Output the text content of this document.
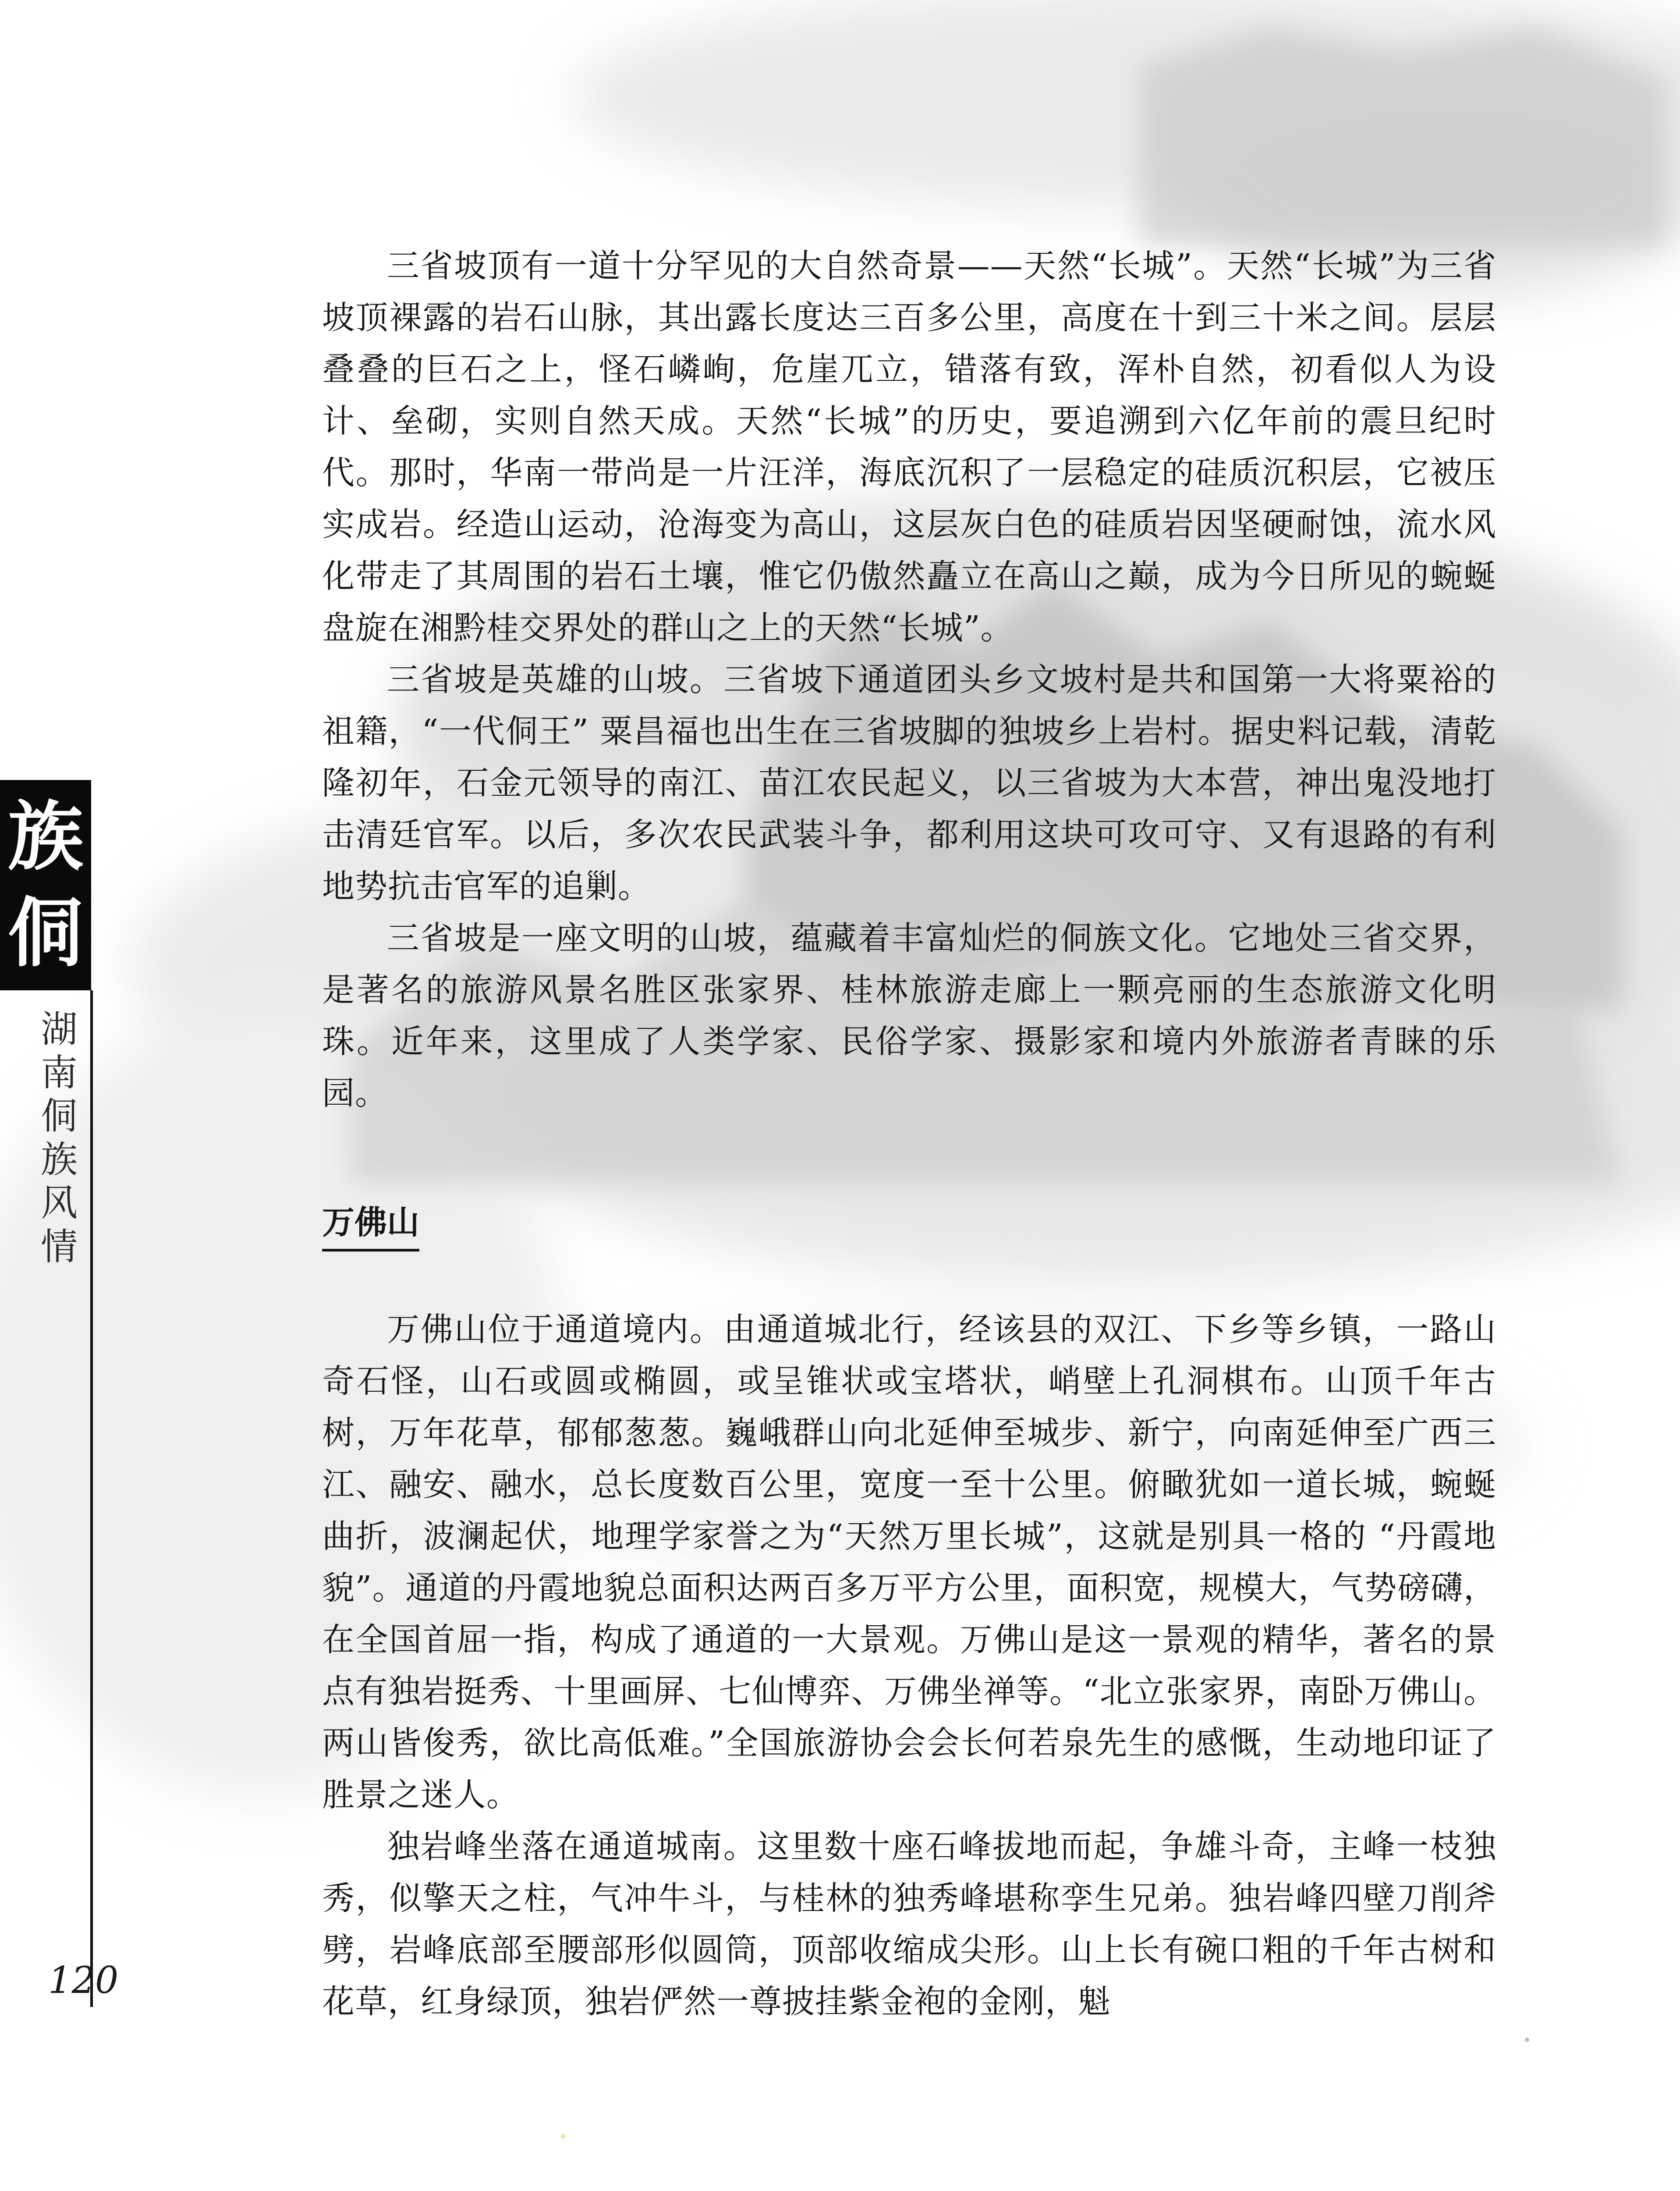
族
侗
湖
南
侗
族
风
情
120

三省坡顶有一道十分罕见的大自然奇景——天然“长城”。天然“长城”为三省坡顶裸露的岩石山脉，其出露长度达三百多公里，高度在十到三十米之间。层层叠叠的巨石之上，怪石嶙峋，危崖兀立，错落有致，浑朴自然，初看似人为设计、垒砌，实则自然天成。天然“长城”的历史，要追溯到六亿年前的震旦纪时代。那时，华南一带尚是一片汪洋，海底沉积了一层稳定的硅质沉积层，它被压实成岩。经造山运动，沧海变为高山，这层灰白色的硅质岩因坚硬耐蚀，流水风化带走了其周围的岩石土壤，惟它仍傲然矗立在高山之巅，成为今日所见的蜿蜒盘旋在湘黔桂交界处的群山之上的天然“长城”。

三省坡是英雄的山坡。三省坡下通道团头乡文坡村是共和国第一大将粟裕的祖籍，“一代侗王” 粟昌福也出生在三省坡脚的独坡乡上岩村。据史料记载，清乾隆初年，石金元领导的南江、苗江农民起义，以三省坡为大本营，神出鬼没地打击清廷官军。以后，多次农民武装斗争，都利用这块可攻可守、又有退路的有利地势抗击官军的追剿。

三省坡是一座文明的山坡，蕴藏着丰富灿烂的侗族文化。它地处三省交界，是著名的旅游风景名胜区张家界、桂林旅游走廊上一颗亮丽的生态旅游文化明珠。近年来，这里成了人类学家、民俗学家、摄影家和境内外旅游者青睐的乐园。

万佛山

万佛山位于通道境内。由通道城北行，经该县的双江、下乡等乡镇，一路山奇石怪，山石或圆或椭圆，或呈锥状或宝塔状，峭壁上孔洞棋布。山顶千年古树，万年花草，郁郁葱葱。巍峨群山向北延伸至城步、新宁，向南延伸至广西三江、融安、融水，总长度数百公里，宽度一至十公里。俯瞰犹如一道长城，蜿蜒曲折，波澜起伏，地理学家誉之为“天然万里长城”，这就是别具一格的 “丹霞地貌”。通道的丹霞地貌总面积达两百多万平方公里，面积宽，规模大，气势磅礴，在全国首屈一指，构成了通道的一大景观。万佛山是这一景观的精华，著名的景点有独岩挺秀、十里画屏、七仙博弈、万佛坐禅等。“北立张家界，南卧万佛山。两山皆俊秀，欲比高低难。”全国旅游协会会长何若泉先生的感慨，生动地印证了胜景之迷人。

独岩峰坐落在通道城南。这里数十座石峰拔地而起，争雄斗奇，主峰一枝独秀，似擎天之柱，气冲牛斗，与桂林的独秀峰堪称孪生兄弟。独岩峰四壁刀削斧劈，岩峰底部至腰部形似圆筒，顶部收缩成尖形。山上长有碗口粗的千年古树和花草，红身绿顶，独岩俨然一尊披挂紫金袍的金刚，魁
